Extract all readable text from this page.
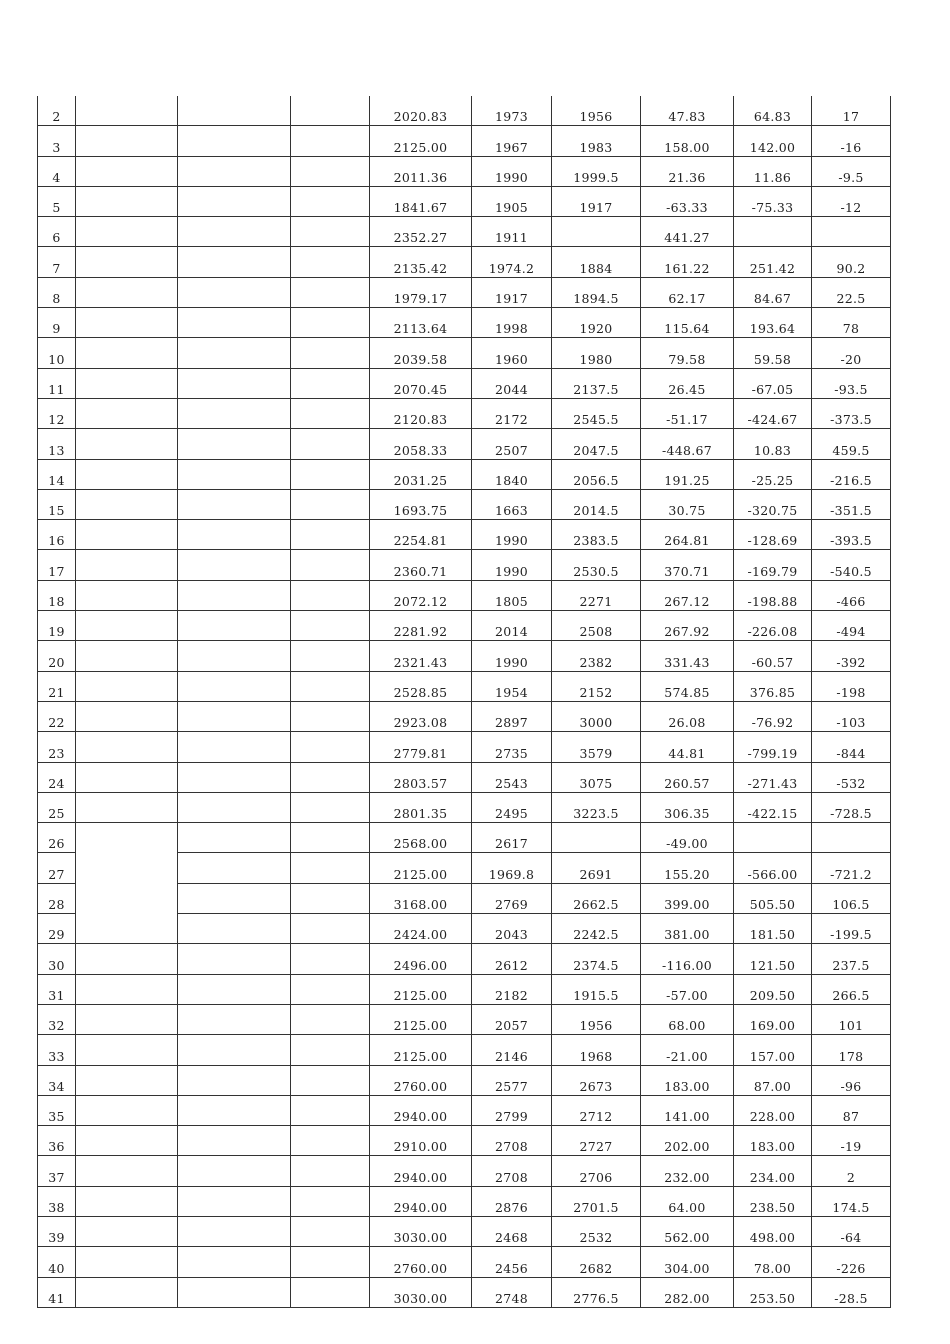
2				2020.83	1973	1956	47.83	64.83	17
3				2125.00	1967	1983	158.00	142.00	-16
4				2011.36	1990	1999.5	21.36	11.86	-9.5
5				1841.67	1905	1917	-63.33	-75.33	-12
6				2352.27	1911		441.27		
7				2135.42	1974.2	1884	161.22	251.42	90.2
8				1979.17	1917	1894.5	62.17	84.67	22.5
9				2113.64	1998	1920	115.64	193.64	78
10				2039.58	1960	1980	79.58	59.58	-20
11				2070.45	2044	2137.5	26.45	-67.05	-93.5
12				2120.83	2172	2545.5	-51.17	-424.67	-373.5
13				2058.33	2507	2047.5	-448.67	10.83	459.5
14				2031.25	1840	2056.5	191.25	-25.25	-216.5
15				1693.75	1663	2014.5	30.75	-320.75	-351.5
16				2254.81	1990	2383.5	264.81	-128.69	-393.5
17				2360.71	1990	2530.5	370.71	-169.79	-540.5
18				2072.12	1805	2271	267.12	-198.88	-466
19				2281.92	2014	2508	267.92	-226.08	-494
20				2321.43	1990	2382	331.43	-60.57	-392
21				2528.85	1954	2152	574.85	376.85	-198
22				2923.08	2897	3000	26.08	-76.92	-103
23				2779.81	2735	3579	44.81	-799.19	-844
24				2803.57	2543	3075	260.57	-271.43	-532
25				2801.35	2495	3223.5	306.35	-422.15	-728.5
26				2568.00	2617		-49.00		
27				2125.00	1969.8	2691	155.20	-566.00	-721.2
28				3168.00	2769	2662.5	399.00	505.50	106.5
29				2424.00	2043	2242.5	381.00	181.50	-199.5
30				2496.00	2612	2374.5	-116.00	121.50	237.5
31				2125.00	2182	1915.5	-57.00	209.50	266.5
32				2125.00	2057	1956	68.00	169.00	101
33				2125.00	2146	1968	-21.00	157.00	178
34				2760.00	2577	2673	183.00	87.00	-96
35				2940.00	2799	2712	141.00	228.00	87
36				2910.00	2708	2727	202.00	183.00	-19
37				2940.00	2708	2706	232.00	234.00	2
38				2940.00	2876	2701.5	64.00	238.50	174.5
39				3030.00	2468	2532	562.00	498.00	-64
40				2760.00	2456	2682	304.00	78.00	-226
41				3030.00	2748	2776.5	282.00	253.50	-28.5
